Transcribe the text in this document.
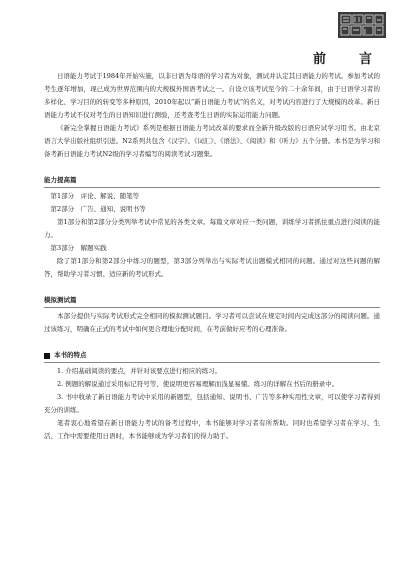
前　言

日语能力考试于1984年开始实施，以非日语为母语的学习者为对象，测试并认定其日语能力的考试。参加考试的考生逐年增加，现已成为世界范围内的大规模外国语考试之一。自设立该考试至今的二十余年间，由于日语学习者的多样化、学习目的的转变等多种原因，2010年起以“新日语能力考试”的名义，对考试内容进行了大规模的改革。新日语能力考试不仅对考生的日语知识进行测验，还考查考生日语的实际运用能力问题。

《新完全掌握日语能力考试》系列是根据日语能力考试改革的要求而全新升级改版的日语应试学习用书。由北京语言大学出版社组织引进。N2系列共包含《汉字》、《词汇》、《语法》、《阅读》和《听力》五个分册。本书是为学习和备考新日语能力考试N2级的学习者编写的阅读考试习题集。

能力提高篇
第1部分　评论、解说、随笔等
第2部分　广告、通知、说明书等

第1部分和第2部分分类列举考试中常见的各类文章。每篇文章对应一类问题，训练学习者抓住重点进行阅读的能力。

第3部分　解题实践

除了第1部分和第2部分中练习的题型，第3部分列举出与实际考试出题模式相同的问题。通过对这些问题的解答，帮助学习者习惯、适应新的考试形式。

模拟测试篇

本部分提供与实际考试形式完全相同的模拟测试题目。学习者可以尝试在规定时间内完成这部分的阅读问题。通过该练习，明确在正式的考试中如何更合理地分配时间，在考前做好应考的心理准备。

本书的特点

1. 介绍基础阅读的要点，并针对该要点进行相应的练习。

2. 例题的解说通过采用标记符号等，使说明更容易理解而浅显易懂。练习的详解在书后的册录中。

3. 书中收录了新日语能力考试中采用的新题型，包括通知、说明书、广告等多种实用性文章，可以使学习者得到充分的训练。

笔者衷心地希望在新日语能力考试的备考过程中，本书能够对学习者有所帮助。同时也希望学习者在学习、生活、工作中需要使用日语时，本书能够成为学习者们的得力助手。
